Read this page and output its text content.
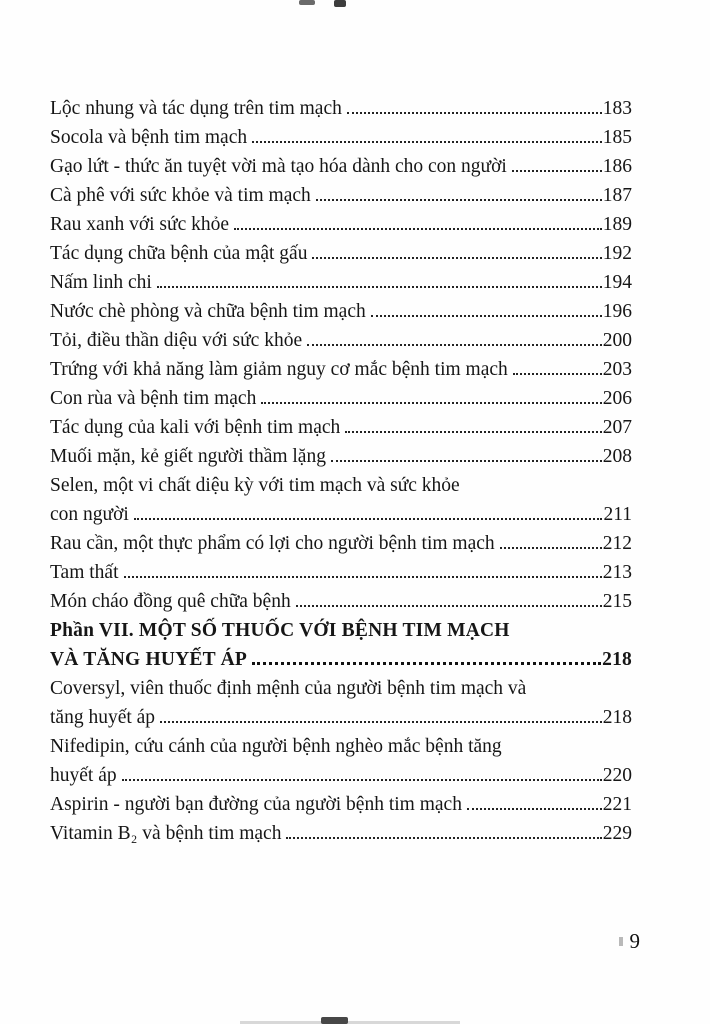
Lộc nhung và tác dụng trên tim mạch	183
Socola và bệnh tim mạch	185
Gạo lứt - thức ăn tuyệt vời mà tạo hóa dành cho con người	186
Cà phê với sức khỏe và tim mạch	187
Rau xanh với sức khỏe	189
Tác dụng chữa bệnh của mật gấu	192
Nấm linh chi	194
Nước chè phòng và chữa bệnh tim mạch	196
Tỏi, điều thần diệu với sức khỏe	200
Trứng với khả năng làm giảm nguy cơ mắc bệnh tim mạch	203
Con rùa và bệnh tim mạch	206
Tác dụng của kali với bệnh tim mạch	207
Muối mặn, kẻ giết người thầm lặng	208
Selen, một vi chất diệu kỳ với tim mạch và sức khỏe
con người	211
Rau cần, một thực phẩm có lợi cho người bệnh tim mạch	212
Tam thất	213
Món cháo đồng quê chữa bệnh	215
Phần VII. MỘT SỐ THUỐC VỚI BỆNH TIM MẠCH
VÀ TĂNG HUYẾT ÁP	218
Coversyl, viên thuốc định mệnh của người bệnh tim mạch và
tăng huyết áp	218
Nifedipin, cứu cánh của người bệnh nghèo mắc bệnh tăng
huyết áp	220
Aspirin - người bạn đường của người bệnh tim mạch	221
Vitamin B₂ và bệnh tim mạch	229
9
